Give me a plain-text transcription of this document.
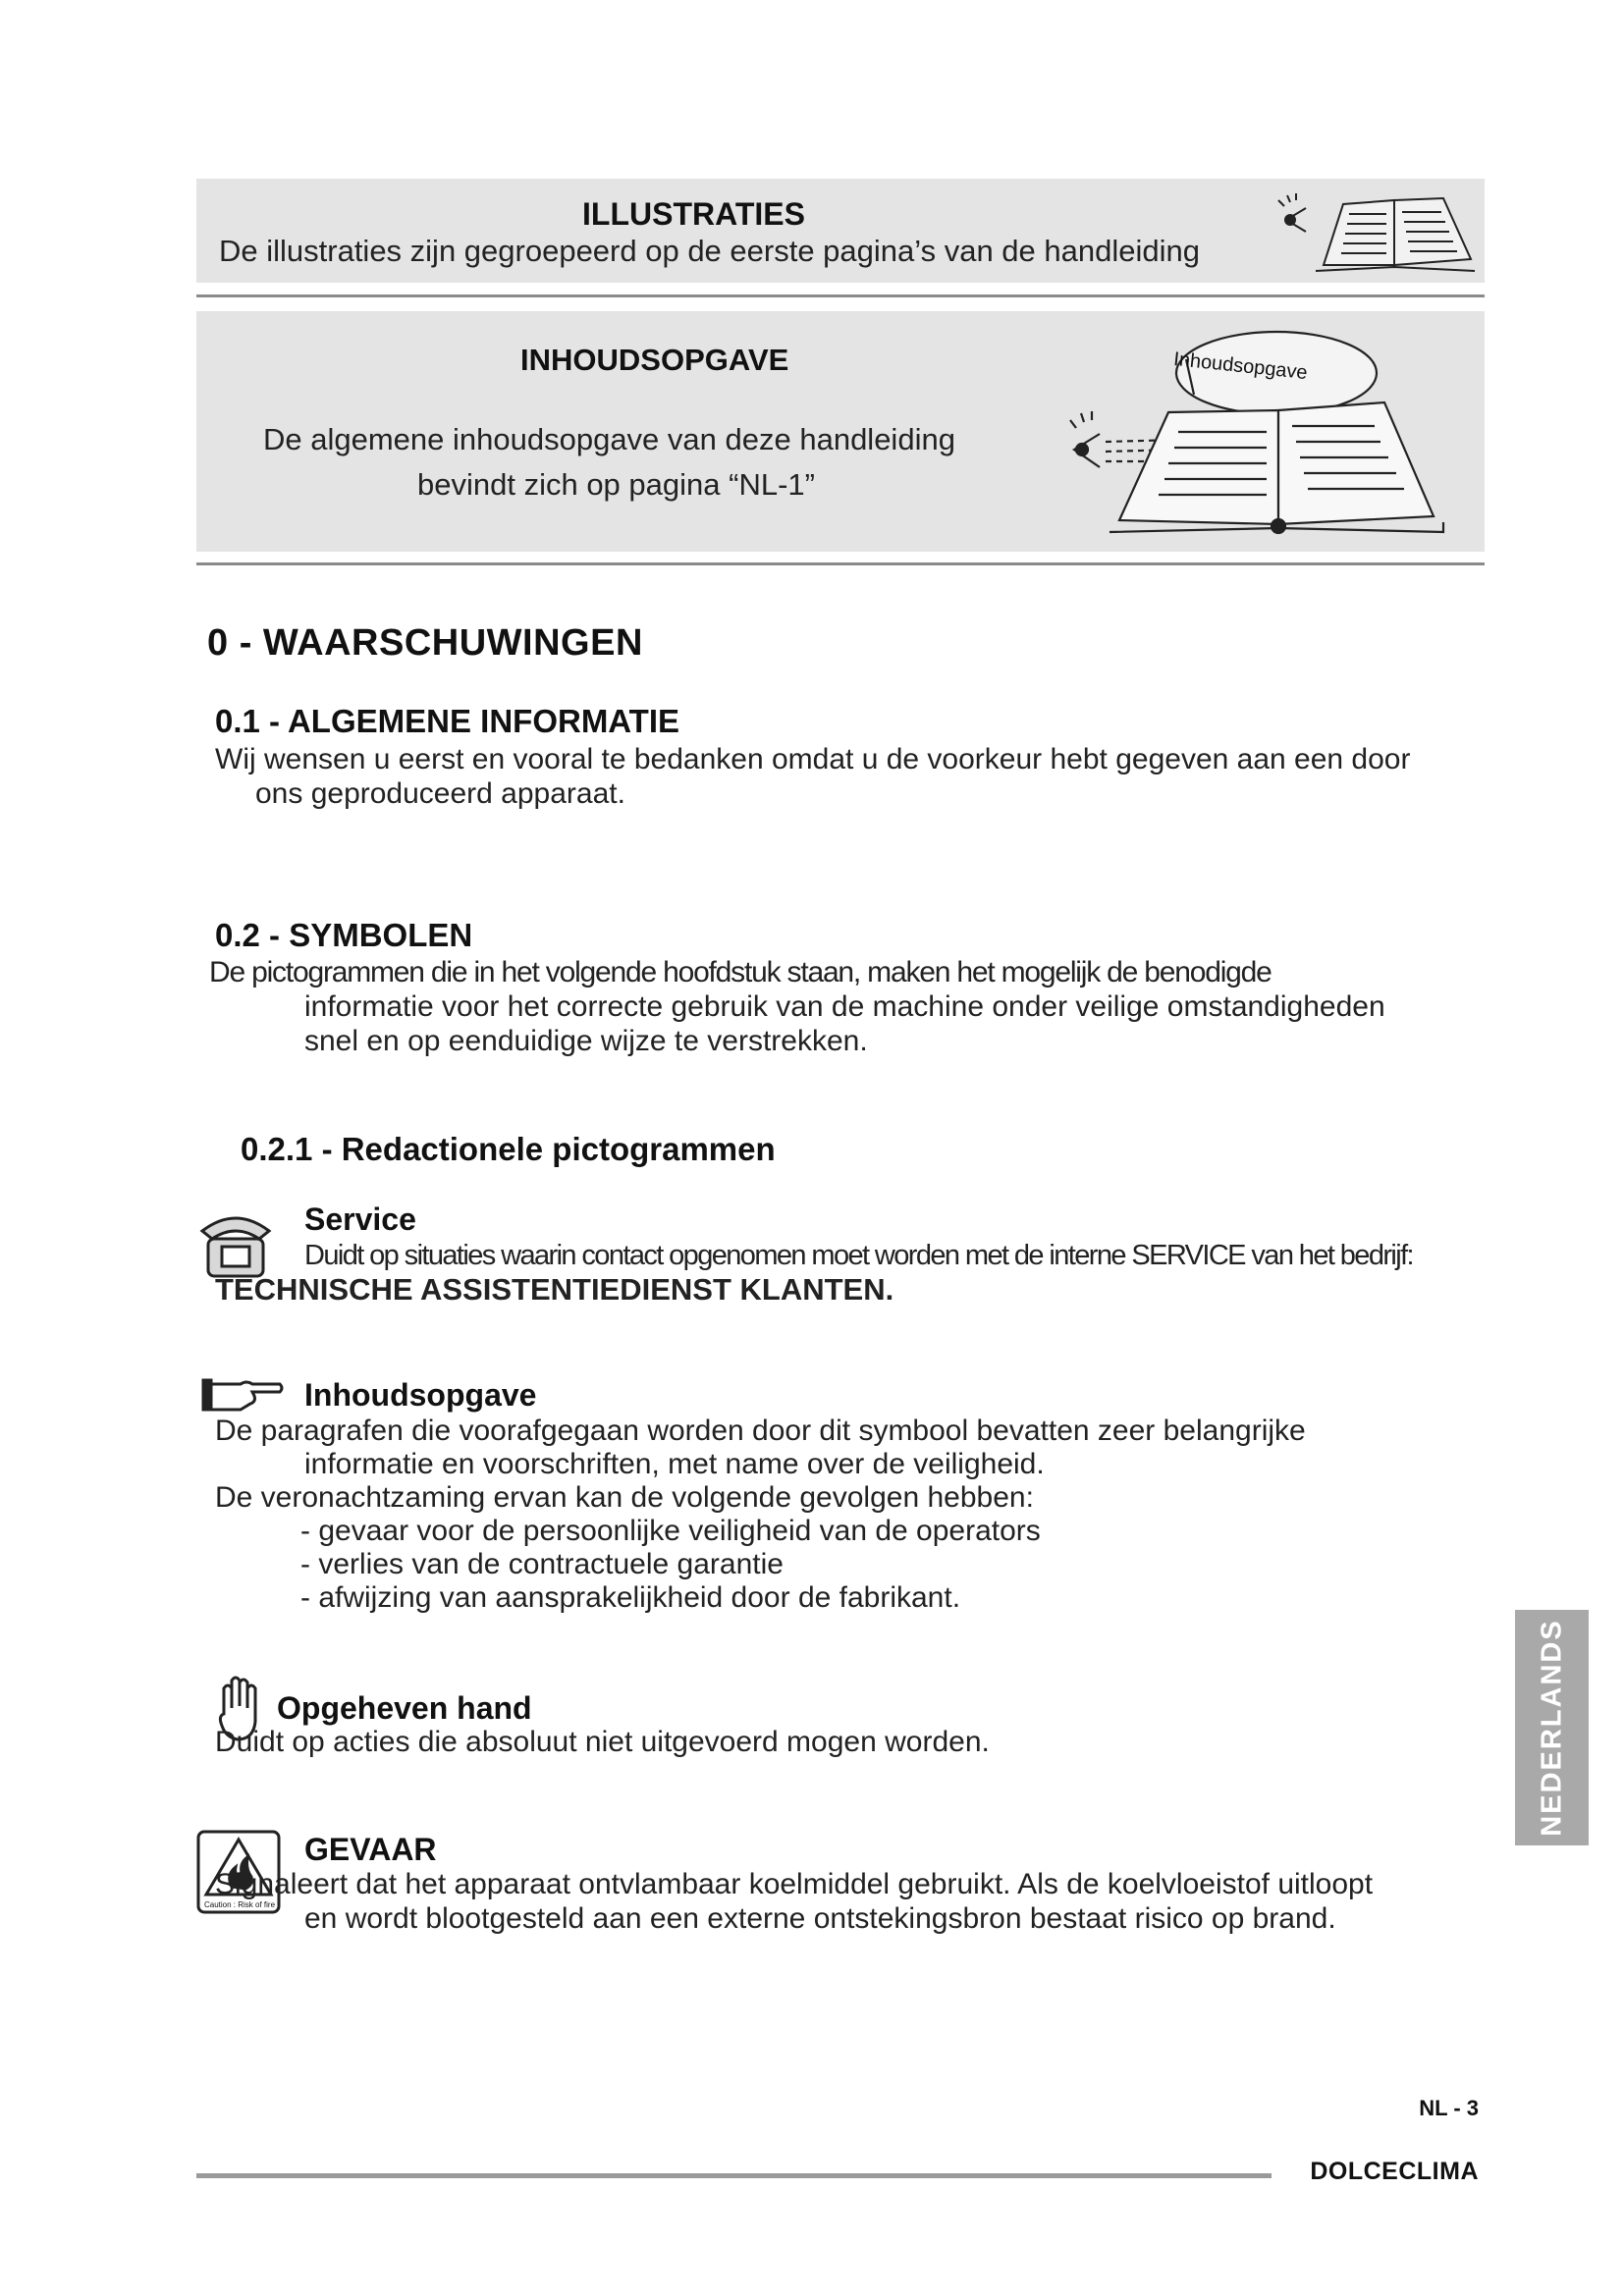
ILLUSTRATIES
De illustraties zijn gegroepeerd op de eerste pagina’s van de handleiding
INHOUDSOPGAVE
De algemene inhoudsopgave van deze handleiding
bevindt zich op pagina “NL-1”
Inhoudsopgave
0 - WAARSCHUWINGEN
0.1 - ALGEMENE INFORMATIE
Wij wensen u eerst en vooral te bedanken omdat u de voorkeur hebt gegeven aan een door
ons geproduceerd apparaat.
0.2 - SYMBOLEN
De pictogrammen die in het volgende hoofdstuk staan, maken het mogelijk de benodigde
informatie voor het correcte gebruik van de machine onder veilige omstandigheden
snel en op eenduidige wijze te verstrekken.
0.2.1 - Redactionele pictogrammen
Service
Duidt op situaties waarin contact opgenomen moet worden met de interne SERVICE van het bedrijf:
TECHNISCHE ASSISTENTIEDIENST KLANTEN.
Inhoudsopgave
De paragrafen die voorafgegaan worden door dit symbool bevatten zeer belangrijke
informatie en voorschriften, met name over de veiligheid.
De veronachtzaming ervan kan de volgende gevolgen hebben:
- gevaar voor de persoonlijke veiligheid van de operators
- verlies van de contractuele garantie
- afwijzing van aansprakelijkheid door de fabrikant.
Opgeheven hand
Duidt op acties die absoluut niet uitgevoerd mogen worden.
Caution : Risk of fire
GEVAAR
Signaleert dat het apparaat ontvlambaar koelmiddel gebruikt. Als de koelvloeistof uitloopt
en wordt blootgesteld aan een externe ontstekingsbron bestaat risico op brand.
NEDERLANDS
NL - 3
DOLCECLIMA
